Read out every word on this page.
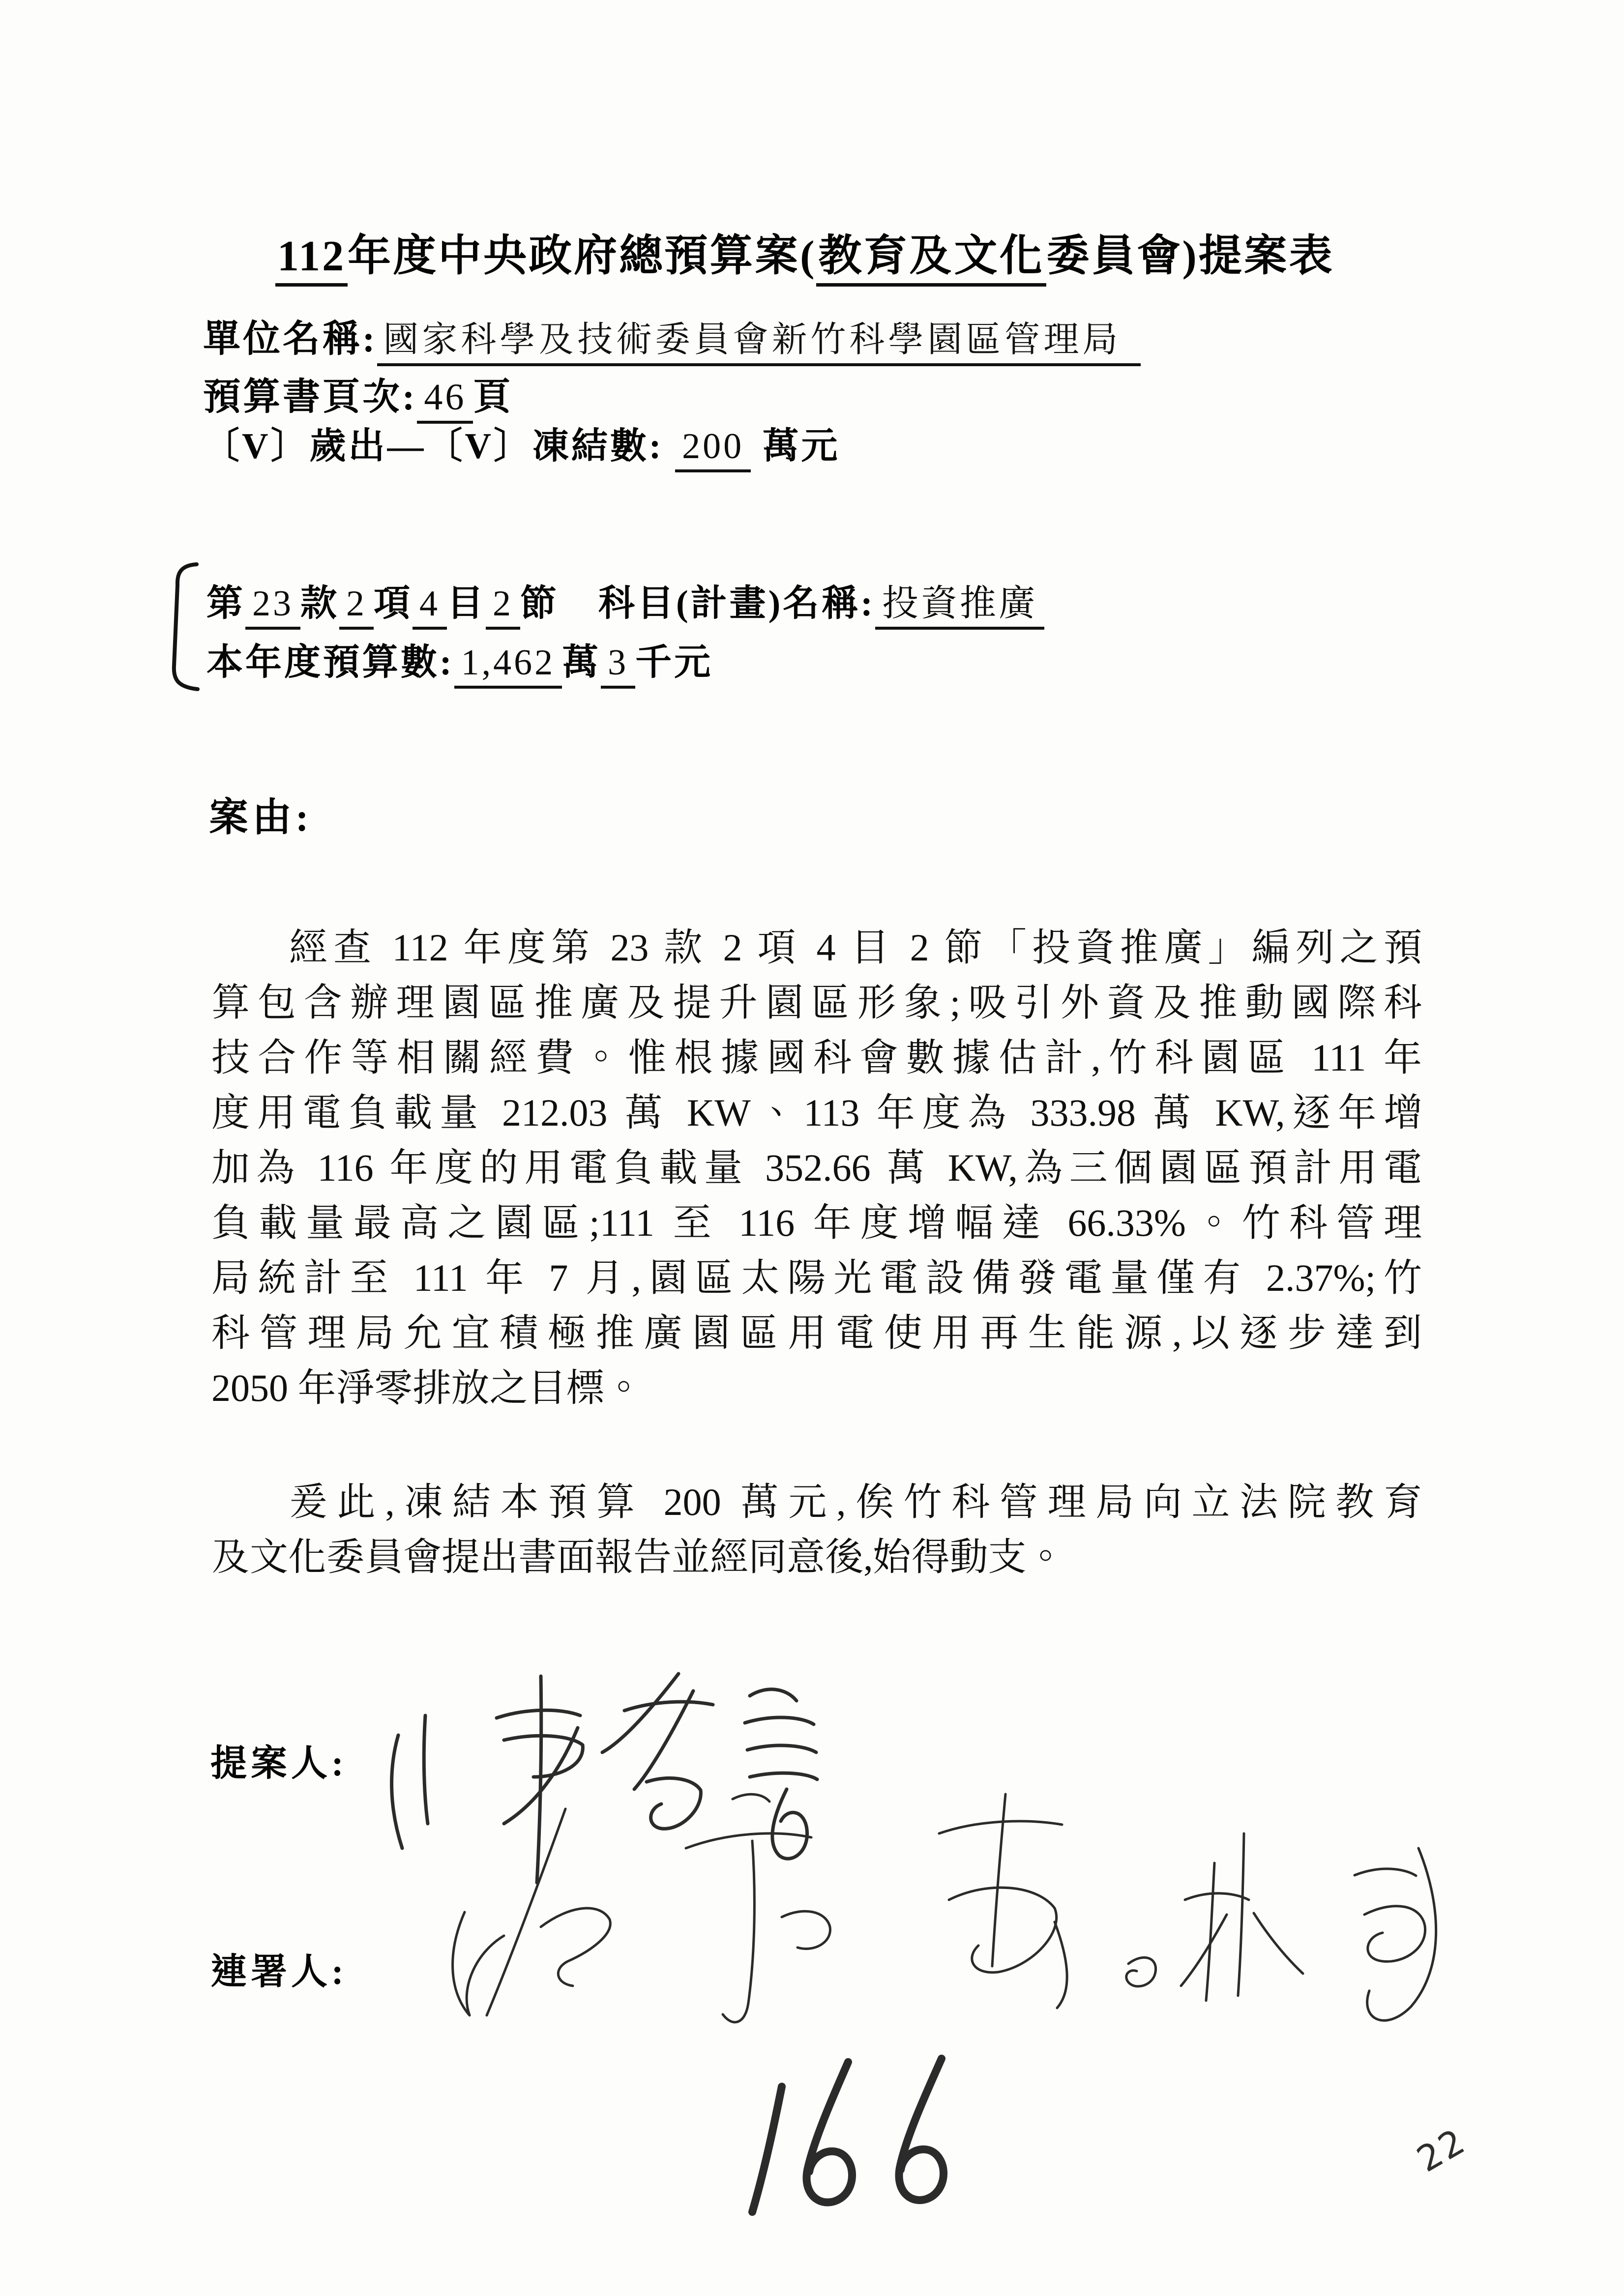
112年度中央政府總預算案(教育及文化委員會)提案表
單位名稱: 國家科學及技術委員會新竹科學園區管理局
預算書頁次: 46 頁
〔V〕歲出—〔V〕凍結數: 200 萬元
第 23 款 2 項 4 目 2 節 科目(計畫)名稱: 投資推廣
本年度預算數: 1,462 萬 3 千元
案由:
經查 112 年度第 23 款 2 項 4 目 2 節「投資推廣」編列之預
算包含辦理園區推廣及提升園區形象;吸引外資及推動國際科
技合作等相關經費。惟根據國科會數據估計,竹科園區 111 年
度用電負載量 212.03 萬 KW、113 年度為 333.98 萬 KW,逐年增
加為 116 年度的用電負載量 352.66 萬 KW,為三個園區預計用電
負載量最高之園區;111 至 116 年度增幅達 66.33%。竹科管理
局統計至 111 年 7 月,園區太陽光電設備發電量僅有 2.37%;竹
科管理局允宜積極推廣園區用電使用再生能源,以逐步達到
2050 年淨零排放之目標。
爰此,凍結本預算 200 萬元,俟竹科管理局向立法院教育
及文化委員會提出書面報告並經同意後,始得動支。
提案人:
連署人:
22
